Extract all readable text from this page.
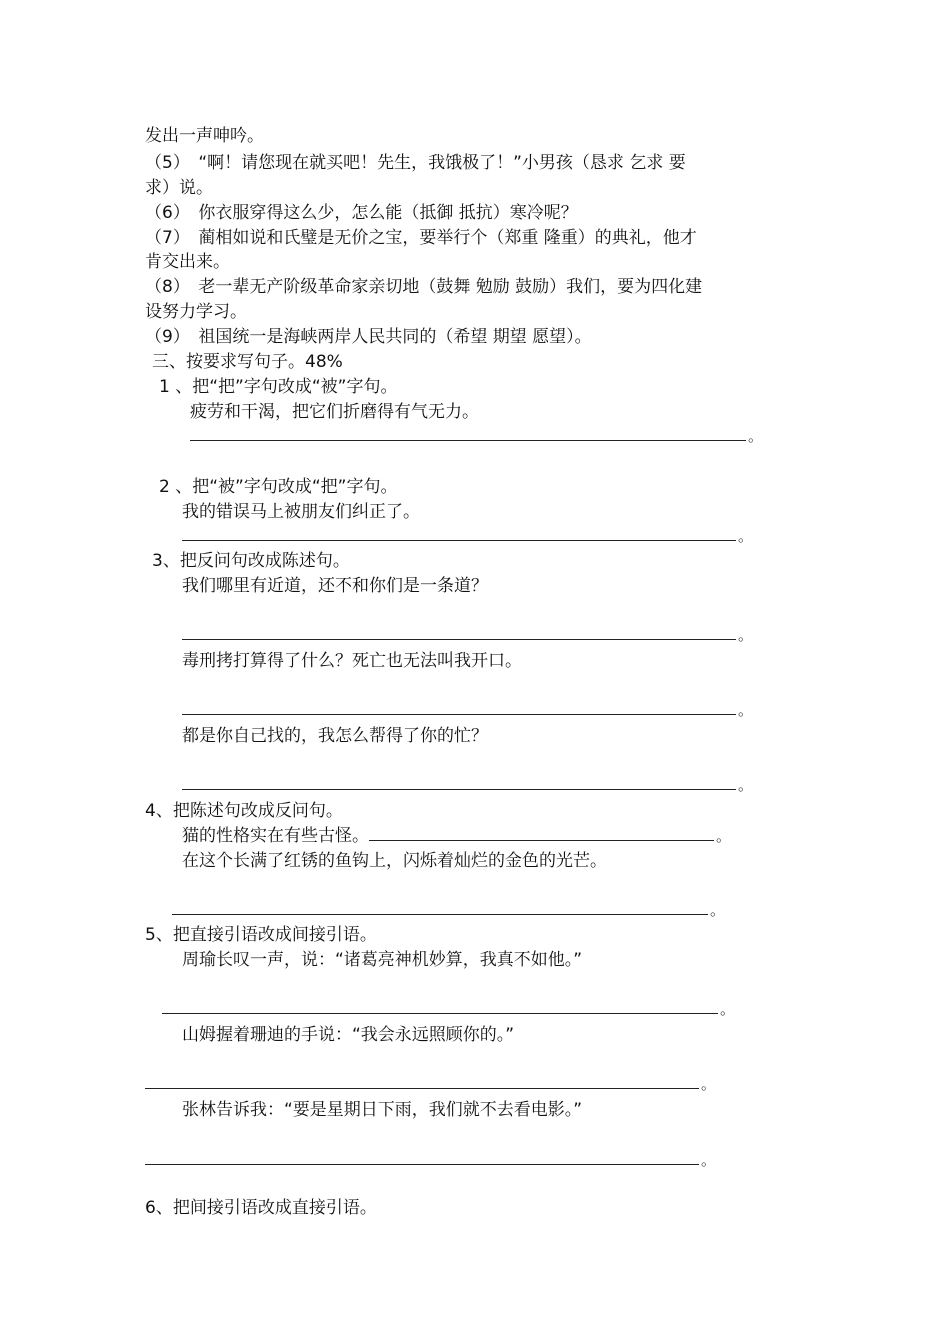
发出一声呻吟。
（5）　“啊！请您现在就买吧！先生，我饿极了！”小男孩（恳求 乞求 要
求）说。
（6）　你衣服穿得这么少，怎么能（抵御 抵抗）寒冷呢？
（7）　蔺相如说和氏璧是无价之宝，要举行个（郑重 隆重）的典礼，他才
肯交出来。
（8）　老一辈无产阶级革命家亲切地（鼓舞 勉励 鼓励）我们，要为四化建
设努力学习。
（9）　祖国统一是海峡两岸人民共同的（希望 期望 愿望）。
三、按要求写句子。48%
1 、把“把”字句改成“被”字句。
疲劳和干渴，把它们折磨得有气无力。
。
2 、把“被”字句改成“把”字句。
我的错误马上被朋友们纠正了。
。
3、把反问句改成陈述句。
我们哪里有近道，还不和你们是一条道？
。
毒刑拷打算得了什么？死亡也无法叫我开口。
。
都是你自己找的，我怎么帮得了你的忙？
。
4、把陈述句改成反问句。
猫的性格实在有些古怪。	。
在这个长满了红锈的鱼钩上，闪烁着灿烂的金色的光芒。
。
5、把直接引语改成间接引语。
周瑜长叹一声，说：“诸葛亮神机妙算，我真不如他。”
。
山姆握着珊迪的手说：“我会永远照顾你的。”
。
张林告诉我：“要是星期日下雨，我们就不去看电影。”
。
6、把间接引语改成直接引语。
